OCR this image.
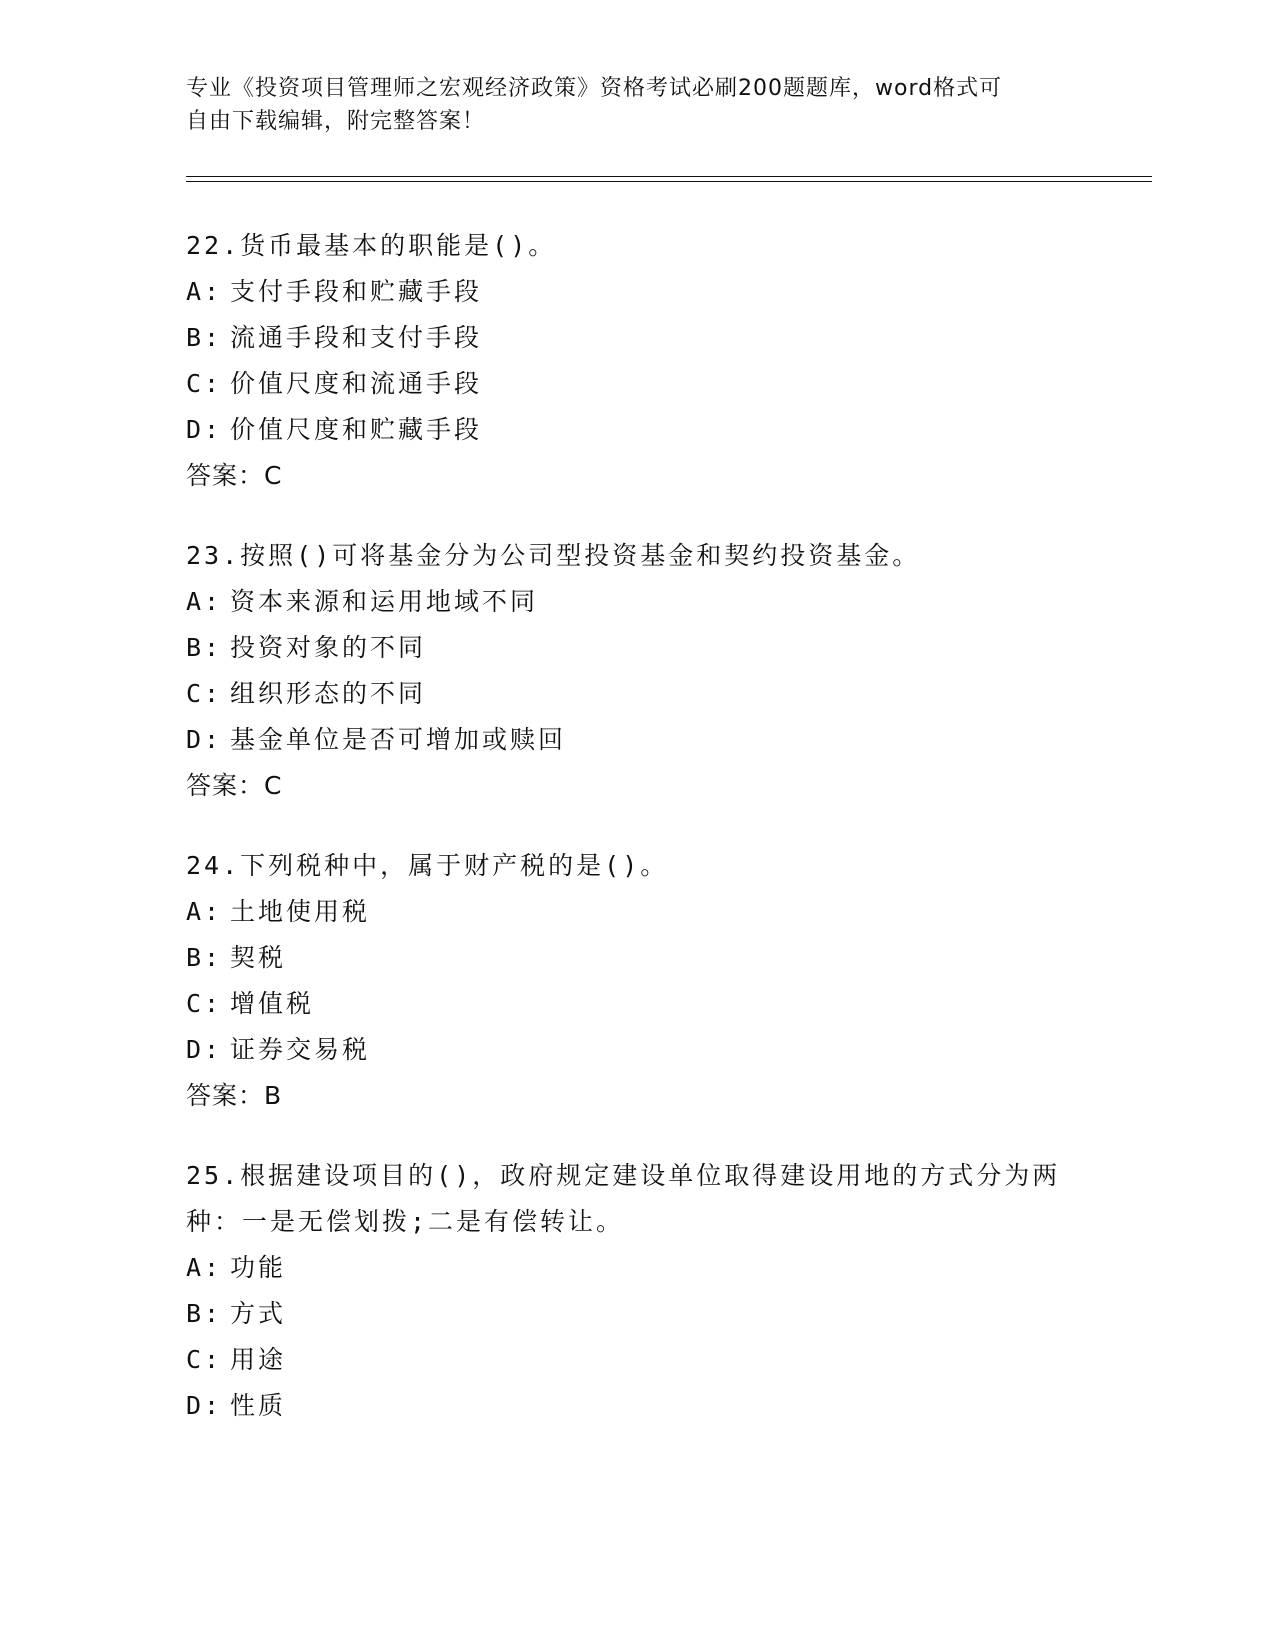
专业《投资项目管理师之宏观经济政策》资格考试必刷200题题库，word格式可
自由下载编辑，附完整答案！
22.货币最基本的职能是()。
A: 支付手段和贮藏手段
B: 流通手段和支付手段
C: 价值尺度和流通手段
D: 价值尺度和贮藏手段
答案：C
23.按照()可将基金分为公司型投资基金和契约投资基金。
A: 资本来源和运用地域不同
B: 投资对象的不同
C: 组织形态的不同
D: 基金单位是否可增加或赎回
答案：C
24.下列税种中，属于财产税的是()。
A: 土地使用税
B: 契税
C: 增值税
D: 证券交易税
答案：B
25.根据建设项目的()，政府规定建设单位取得建设用地的方式分为两种：一是无偿划拨;二是有偿转让。
A: 功能
B: 方式
C: 用途
D: 性质
